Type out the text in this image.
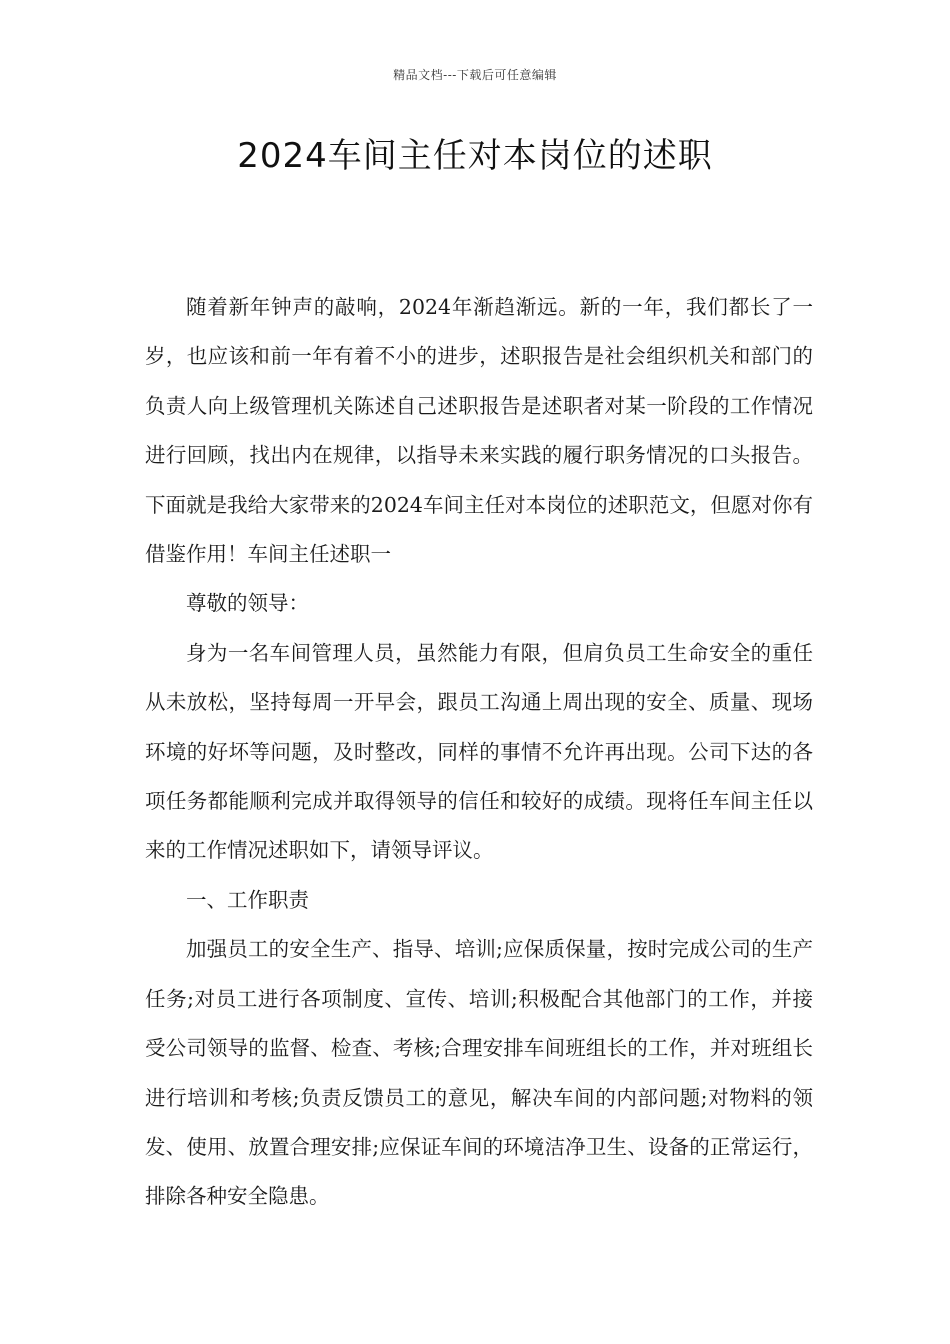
精品文档---下载后可任意编辑
2024车间主任对本岗位的述职

随着新年钟声的敲响，2024年渐趋渐远。新的一年，我们都长了一岁，也应该和前一年有着不小的进步，述职报告是社会组织机关和部门的负责人向上级管理机关陈述自己述职报告是述职者对某一阶段的工作情况进行回顾，找出内在规律，以指导未来实践的履行职务情况的口头报告。下面就是我给大家带来的2024车间主任对本岗位的述职范文，但愿对你有借鉴作用！车间主任述职一

尊敬的领导：

身为一名车间管理人员，虽然能力有限，但肩负员工生命安全的重任从未放松，坚持每周一开早会，跟员工沟通上周出现的安全、质量、现场环境的好坏等问题，及时整改，同样的事情不允许再出现。公司下达的各项任务都能顺利完成并取得领导的信任和较好的成绩。现将任车间主任以来的工作情况述职如下，请领导评议。

一、工作职责

加强员工的安全生产、指导、培训;应保质保量，按时完成公司的生产任务;对员工进行各项制度、宣传、培训;积极配合其他部门的工作，并接受公司领导的监督、检查、考核;合理安排车间班组长的工作，并对班组长进行培训和考核;负责反馈员工的意见，解决车间的内部问题;对物料的领发、使用、放置合理安排;应保证车间的环境洁净卫生、设备的正常运行，排除各种安全隐患。
